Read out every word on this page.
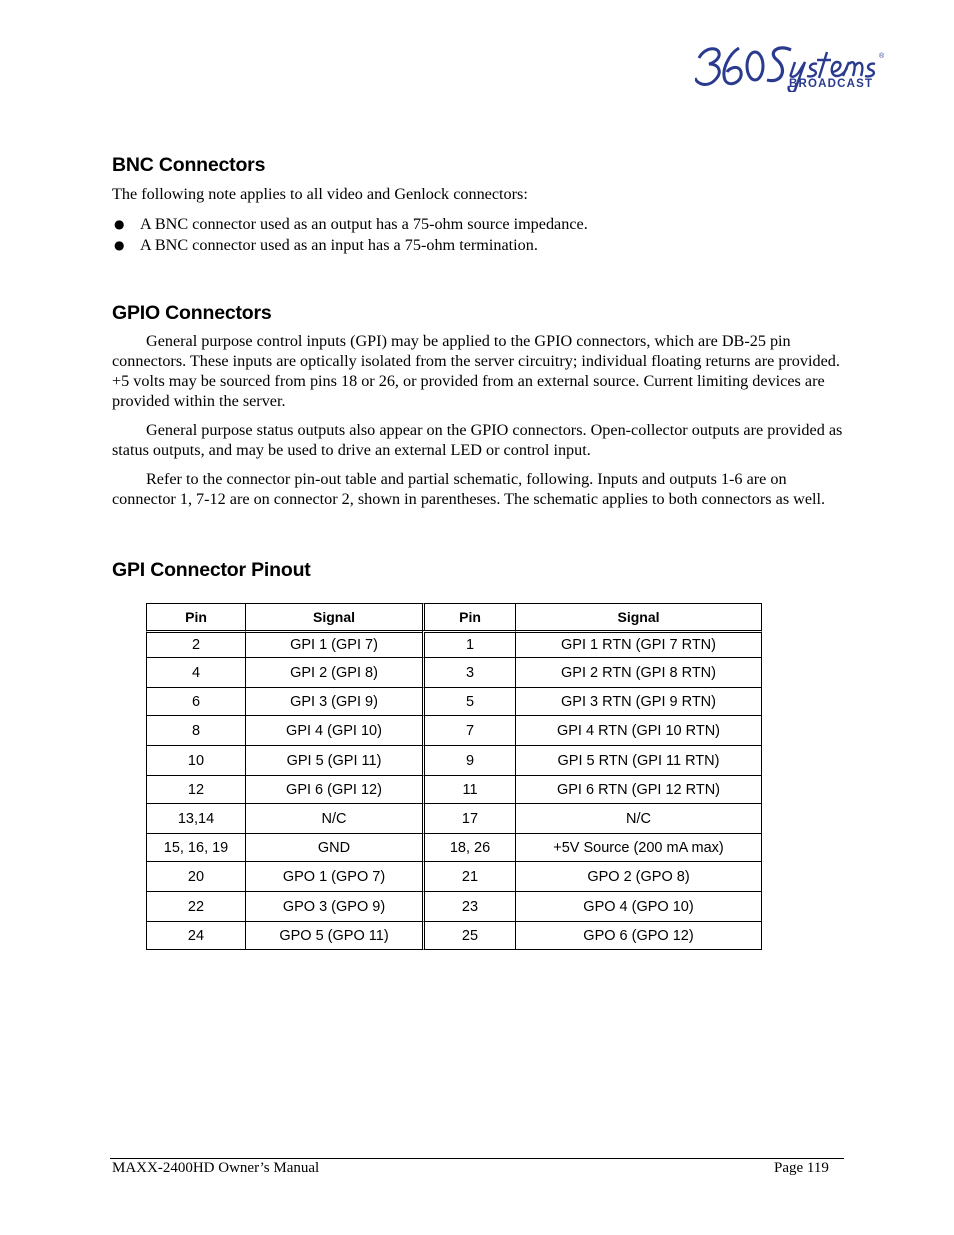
®
BROADCAST
BNC Connectors

The following note applies to all video and Genlock connectors:

● A BNC connector used as an output has a 75-ohm source impedance.
● A BNC connector used as an input has a 75-ohm termination.
GPIO Connectors

General purpose control inputs (GPI) may be applied to the GPIO connectors, which are DB-25 pin connectors. These inputs are optically isolated from the server circuitry; individual floating returns are provided. +5 volts may be sourced from pins 18 or 26, or provided from an external source. Current limiting devices are provided within the server.

General purpose status outputs also appear on the GPIO connectors. Open-collector outputs are provided as status outputs, and may be used to drive an external LED or control input.

Refer to the connector pin-out table and partial schematic, following. Inputs and outputs 1-6 are on connector 1, 7-12 are on connector 2, shown in parentheses. The schematic applies to both connectors as well.

GPI Connector Pinout
Pin	Signal	Pin	Signal
2	GPI 1 (GPI 7)	1	GPI 1 RTN (GPI 7 RTN)
4	GPI 2 (GPI 8)	3	GPI 2 RTN (GPI 8 RTN)
6	GPI 3 (GPI 9)	5	GPI 3 RTN (GPI 9 RTN)
8	GPI 4 (GPI 10)	7	GPI 4 RTN (GPI 10 RTN)
10	GPI 5 (GPI 11)	9	GPI 5 RTN (GPI 11 RTN)
12	GPI 6 (GPI 12)	11	GPI 6 RTN (GPI 12 RTN)
13,14	N/C	17	N/C
15, 16, 19	GND	18, 26	+5V Source (200 mA max)
20	GPO 1 (GPO 7)	21	GPO 2 (GPO 8)
22	GPO 3 (GPO 9)	23	GPO 4 (GPO 10)
24	GPO 5 (GPO 11)	25	GPO 6 (GPO 12)
MAXX-2400HD Owner’s Manual	Page 119
